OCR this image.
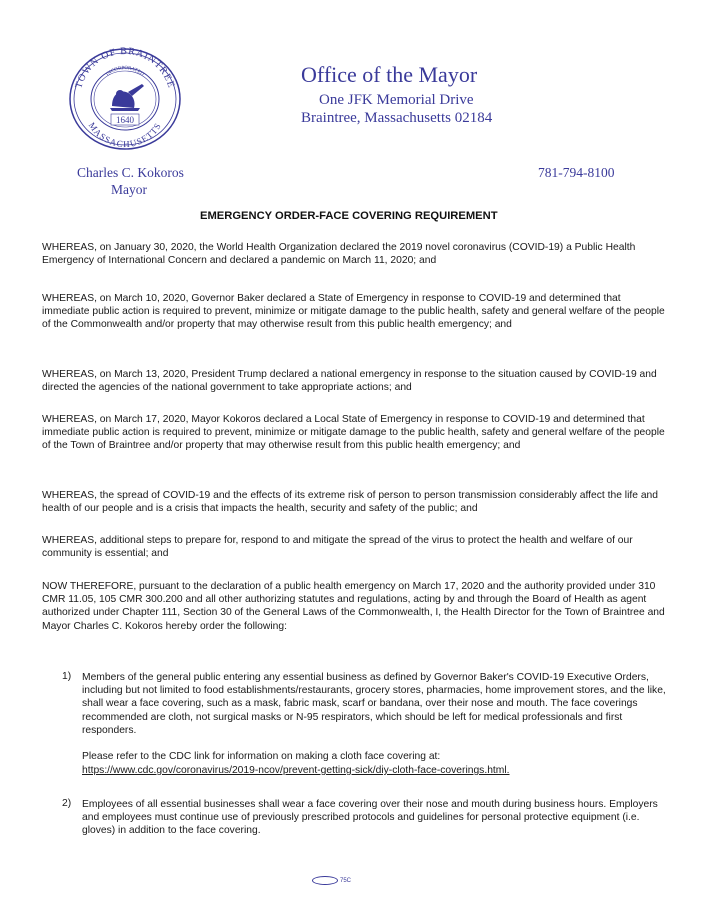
TOWN OF BRAINTREE
MASSACHUSETTS
INCORPORATED
1640
Office of the Mayor
One JFK Memorial Drive
Braintree, Massachusetts 02184
Charles C. Kokoros
Mayor
781-794-8100
EMERGENCY ORDER-FACE COVERING REQUIREMENT

WHEREAS, on January 30, 2020, the World Health Organization declared the 2019 novel coronavirus (COVID-19) a Public Health Emergency of International Concern and declared a pandemic on March 11, 2020; and

WHEREAS, on March 10, 2020, Governor Baker declared a State of Emergency in response to COVID-19 and determined that immediate public action is required to prevent, minimize or mitigate damage to the public health, safety and general welfare of the people of the Commonwealth and/or property that may otherwise result from this public health emergency; and

WHEREAS, on March 13, 2020, President Trump declared a national emergency in response to the situation caused by COVID-19 and directed the agencies of the national government to take appropriate actions; and

WHEREAS, on March 17, 2020, Mayor Kokoros declared a Local State of Emergency in response to COVID-19 and determined that immediate public action is required to prevent, minimize or mitigate damage to the public health, safety and general welfare of the people of the Town of Braintree and/or property that may otherwise result from this public health emergency; and

WHEREAS, the spread of COVID-19 and the effects of its extreme risk of person to person transmission considerably affect the life and health of our people and is a crisis that impacts the health, security and safety of the public; and

WHEREAS, additional steps to prepare for, respond to and mitigate the spread of the virus to protect the health and welfare of our community is essential; and

NOW THEREFORE, pursuant to the declaration of a public health emergency on March 17, 2020 and the authority provided under 310 CMR 11.05, 105 CMR 300.200 and all other authorizing statutes and regulations, acting by and through the Board of Health as agent authorized under Chapter 111, Section 30 of the General Laws of the Commonwealth, I, the Health Director for the Town of Braintree and Mayor Charles C. Kokoros hereby order the following:

1) Members of the general public entering any essential business as defined by Governor Baker's COVID-19 Executive Orders, including but not limited to food establishments/restaurants, grocery stores, pharmacies, home improvement stores, and the like, shall wear a face covering, such as a mask, fabric mask, scarf or bandana, over their nose and mouth. The face coverings recommended are cloth, not surgical masks or N-95 respirators, which should be left for medical professionals and first responders.

Please refer to the CDC link for information on making a cloth face covering at:

https://www.cdc.gov/coronavirus/2019-ncov/prevent-getting-sick/diy-cloth-face-coverings.html.

2) Employees of all essential businesses shall wear a face covering over their nose and mouth during business hours. Employers and employees must continue use of previously prescribed protocols and guidelines for personal protective equipment (i.e. gloves) in addition to the face covering.

75C
